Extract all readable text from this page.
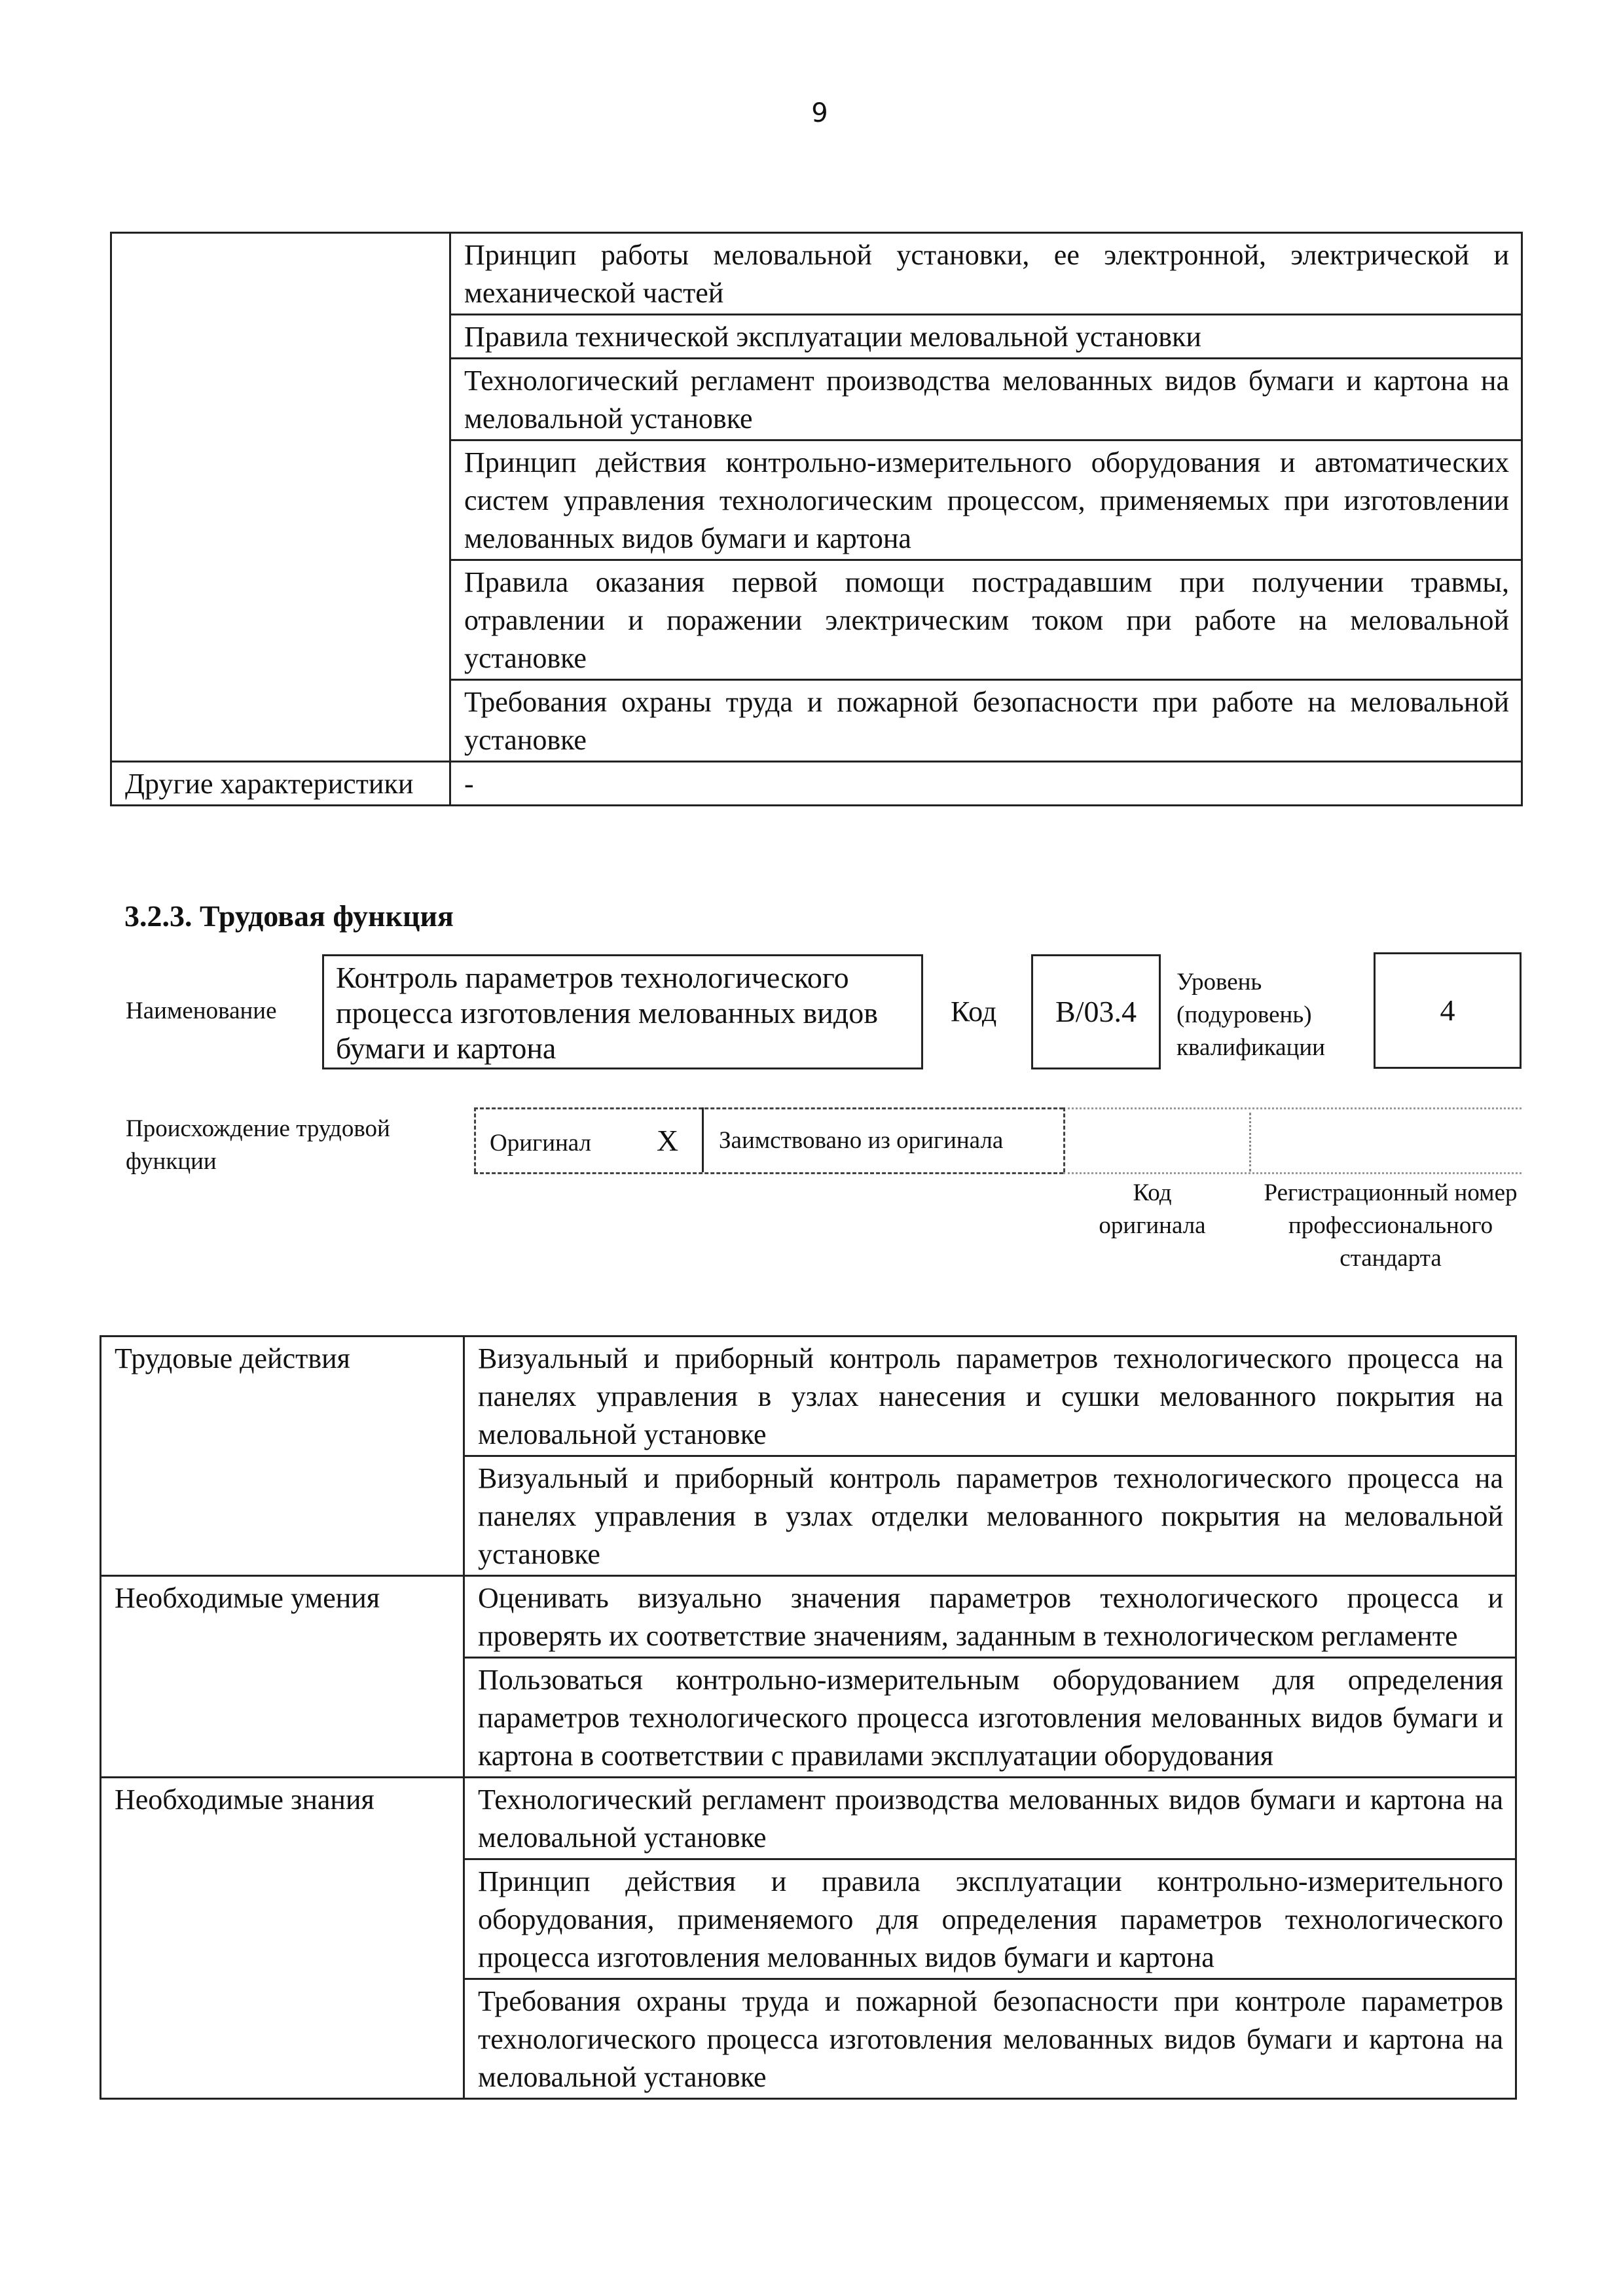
9
	Принцип работы меловальной установки, ее электронной, электрической и механической частей
	Правила технической эксплуатации меловальной установки
	Технологический регламент производства мелованных видов бумаги и картона на меловальной установке
	Принцип действия контрольно-измерительного оборудования и автоматических систем управления технологическим процессом, применяемых при изготовлении мелованных видов бумаги и картона
	Правила оказания первой помощи пострадавшим при получении травмы, отравлении и поражении электрическим током при работе на меловальной установке
	Требования охраны труда и пожарной безопасности при работе на меловальной установке
Другие характеристики	-
3.2.3. Трудовая функция
Наименование
Контроль параметров технологического процесса изготовления мелованных видов бумаги и картона
Код	B/03.4
Уровень (подуровень) квалификации
4
Происхождение трудовой функции
Оригинал X Заимствовано из оригинала
Код оригинала
Регистрационный номер профессионального стандарта
Трудовые действия	Визуальный и приборный контроль параметров технологического процесса на панелях управления в узлах нанесения и сушки мелованного покрытия на меловальной установке
	Визуальный и приборный контроль параметров технологического процесса на панелях управления в узлах отделки мелованного покрытия на меловальной установке
Необходимые умения	Оценивать визуально значения параметров технологического процесса и проверять их соответствие значениям, заданным в технологическом регламенте
	Пользоваться контрольно-измерительным оборудованием для определения параметров технологического процесса изготовления мелованных видов бумаги и картона в соответствии с правилами эксплуатации оборудования
Необходимые знания	Технологический регламент производства мелованных видов бумаги и картона на меловальной установке
	Принцип действия и правила эксплуатации контрольно-измерительного оборудования, применяемого для определения параметров технологического процесса изготовления мелованных видов бумаги и картона
	Требования охраны труда и пожарной безопасности при контроле параметров технологического процесса изготовления мелованных видов бумаги и картона на меловальной установке
